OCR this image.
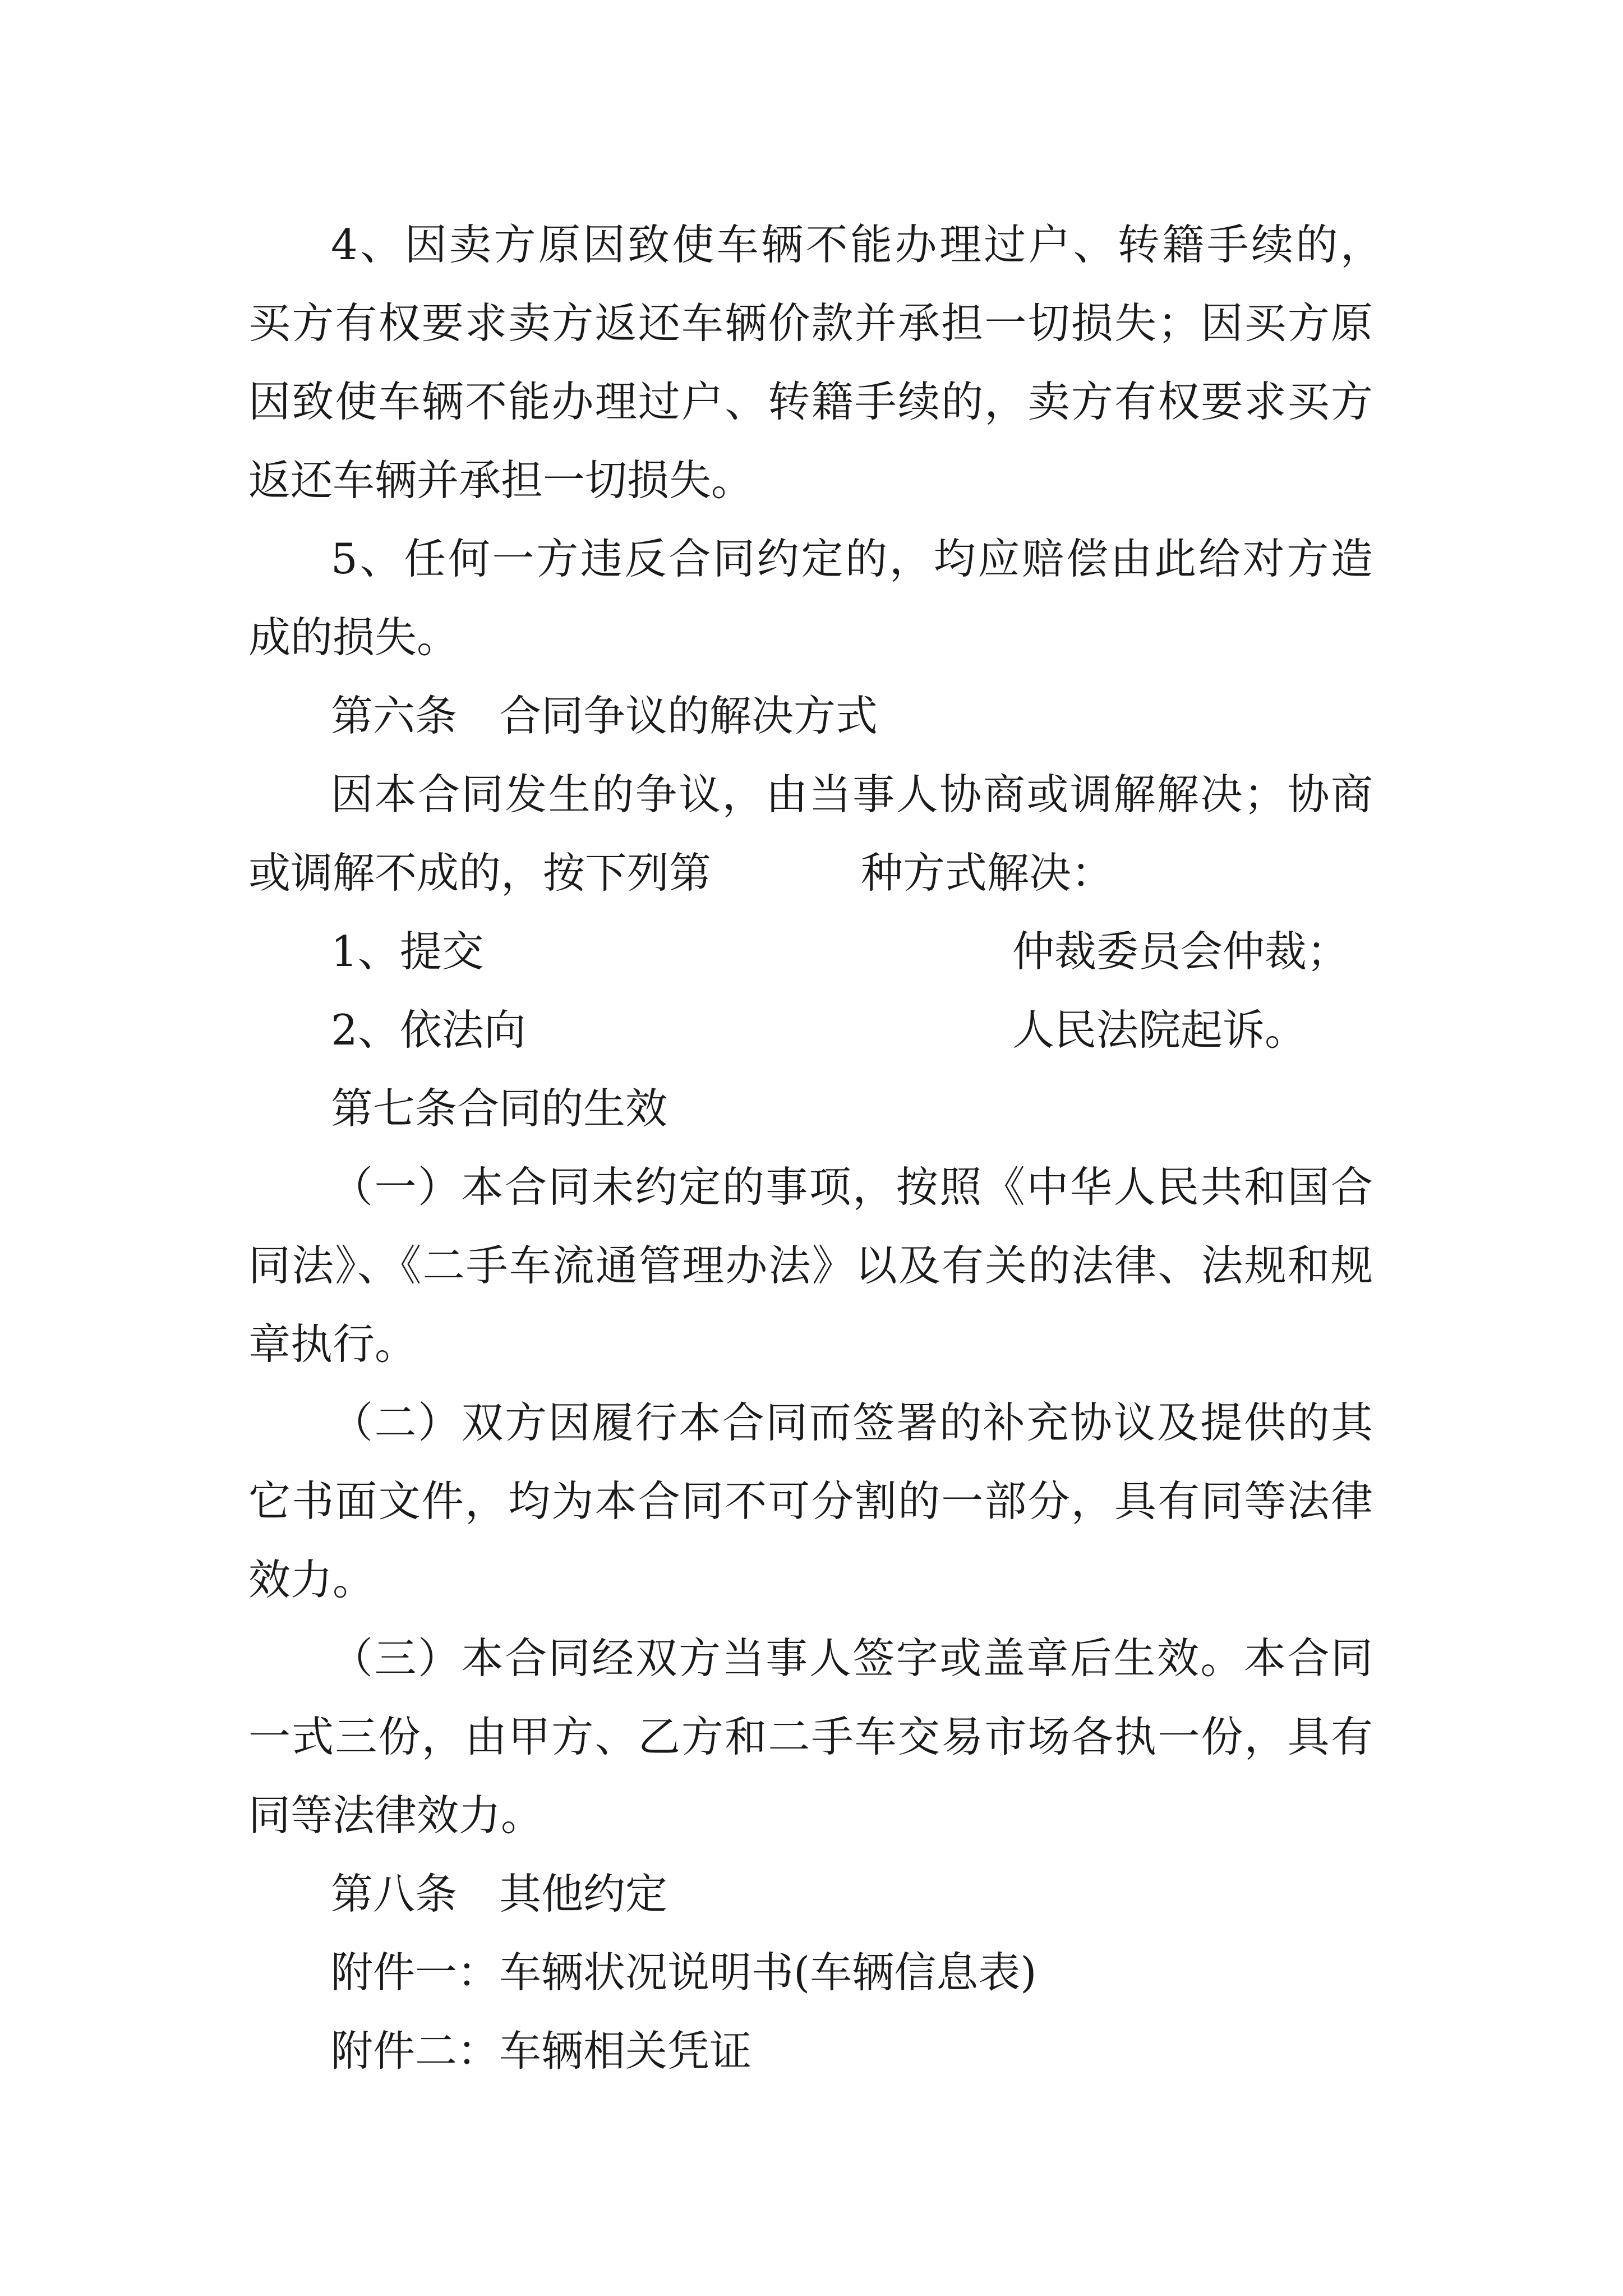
4、因卖方原因致使车辆不能办理过户、转籍手续的，
买方有权要求卖方返还车辆价款并承担一切损失；因买方原
因致使车辆不能办理过户、转籍手续的，卖方有权要求买方
返还车辆并承担一切损失。
5、任何一方违反合同约定的，均应赔偿由此给对方造
成的损失。
第六条　合同争议的解决方式
因本合同发生的争议，由当事人协商或调解解决；协商
或调解不成的，按下列第	种方式解决：
1、提交	仲裁委员会仲裁；
2、依法向	人民法院起诉。
第七条合同的生效
（一）本合同未约定的事项，按照《中华人民共和国合
同法》、《二手车流通管理办法》以及有关的法律、法规和规
章执行。
（二）双方因履行本合同而签署的补充协议及提供的其
它书面文件，均为本合同不可分割的一部分，具有同等法律
效力。
（三）本合同经双方当事人签字或盖章后生效。本合同
一式三份，由甲方、乙方和二手车交易市场各执一份，具有
同等法律效力。
第八条　其他约定
附件一：车辆状况说明书(车辆信息表)
附件二：车辆相关凭证
